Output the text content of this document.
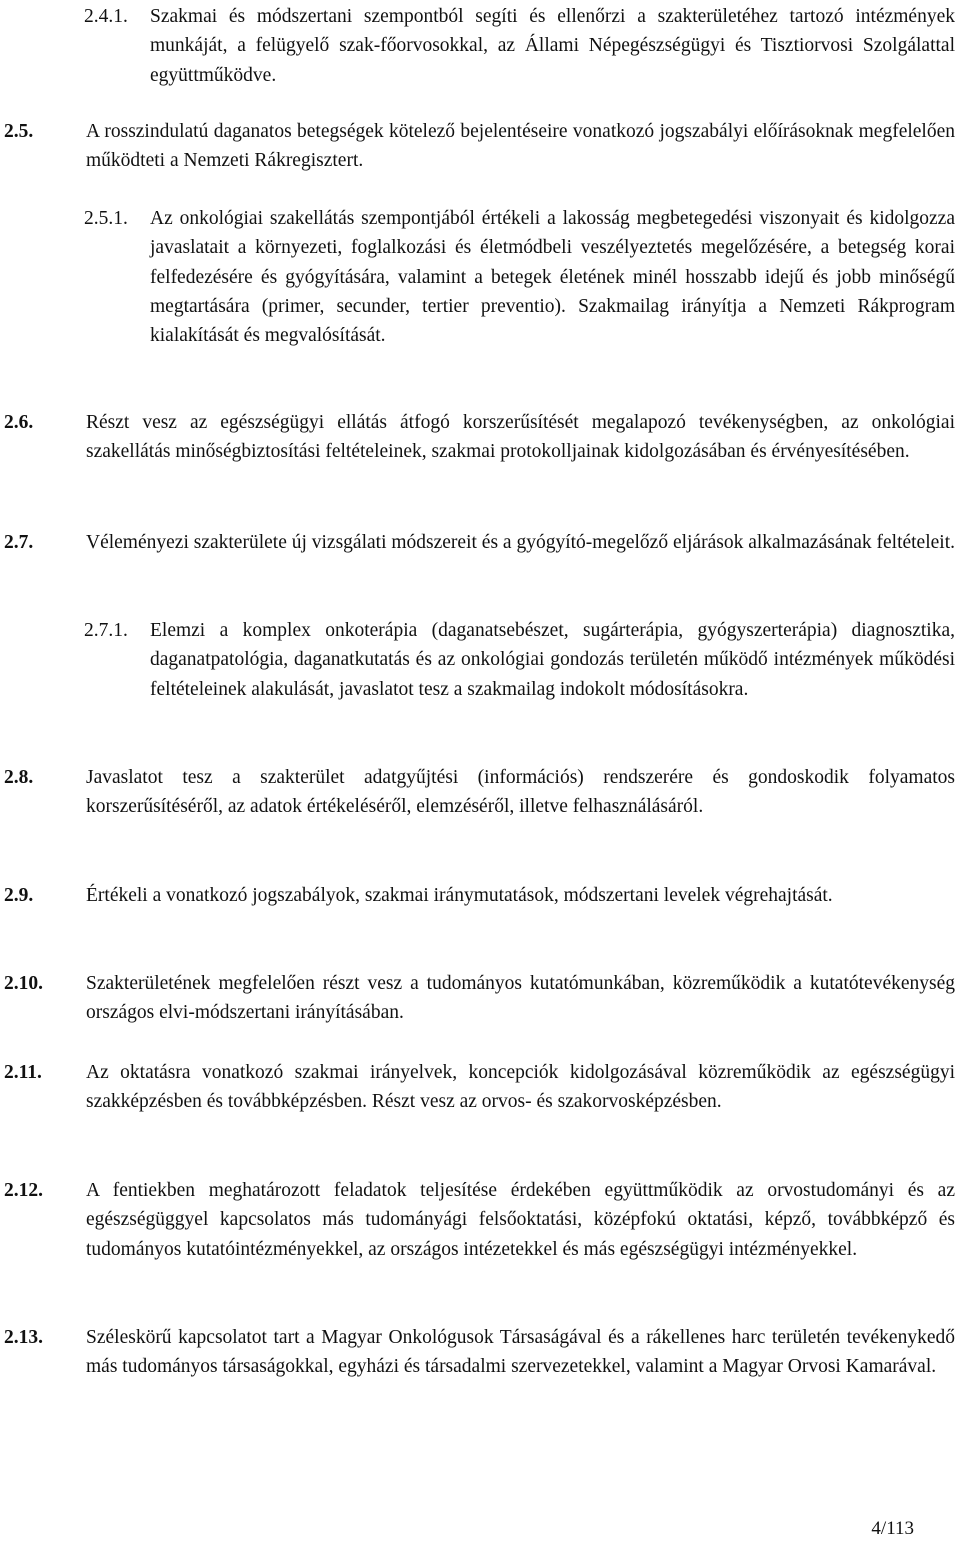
2.4.1.	Szakmai és módszertani szempontból segíti és ellenőrzi a szakterületéhez tartozó intézmények munkáját, a felügyelő szak-főorvosokkal, az Állami Népegészségügyi és Tisztiorvosi Szolgálattal együttműködve.
2.5.	A rosszindulatú daganatos betegségek kötelező bejelentéseire vonatkozó jogszabályi előírásoknak megfelelően működteti a Nemzeti Rákregisztert.
2.5.1.	Az onkológiai szakellátás szempontjából értékeli a lakosság megbetegedési viszonyait és kidolgozza javaslatait a környezeti, foglalkozási és életmódbeli veszélyeztetés megelőzésére, a betegség korai felfedezésére és gyógyítására, valamint a betegek életének minél hosszabb idejű és jobb minőségű megtartására (primer, secunder, tertier preventio). Szakmailag irányítja a Nemzeti Rákprogram kialakítását és megvalósítását.
2.6.	Részt vesz az egészségügyi ellátás átfogó korszerűsítését megalapozó tevékenységben, az onkológiai szakellátás minőségbiztosítási feltételeinek, szakmai protokolljainak kidolgozásában és érvényesítésében.
2.7.	Véleményezi szakterülete új vizsgálati módszereit és a gyógyító-megelőző eljárások alkalmazásának feltételeit.
2.7.1.	Elemzi a komplex onkoterápia (daganatsebészet, sugárterápia, gyógyszerterápia) diagnosztika, daganatpatológia, daganatkutatás és az onkológiai gondozás területén működő intézmények működési feltételeinek alakulását, javaslatot tesz a szakmailag indokolt módosításokra.
2.8.	Javaslatot tesz a szakterület adatgyűjtési (információs) rendszerére és gondoskodik folyamatos korszerűsítéséről, az adatok értékeléséről, elemzéséről, illetve felhasználásáról.
2.9.	Értékeli a vonatkozó jogszabályok, szakmai iránymutatások, módszertani levelek végrehajtását.
2.10.	Szakterületének megfelelően részt vesz a tudományos kutatómunkában, közreműködik a kutatótevékenység országos elvi-módszertani irányításában.
2.11.	Az oktatásra vonatkozó szakmai irányelvek, koncepciók kidolgozásával közreműködik az egészségügyi szakképzésben és továbbképzésben. Részt vesz az orvos- és szakorvosképzésben.
2.12.	A fentiekben meghatározott feladatok teljesítése érdekében együttműködik az orvostudományi és az egészségüggyel kapcsolatos más tudományági felsőoktatási, középfokú oktatási, képző, továbbképző és tudományos kutatóintézményekkel, az országos intézetekkel és más egészségügyi intézményekkel.
2.13.	Széleskörű kapcsolatot tart a Magyar Onkológusok Társaságával és a rákellenes harc területén tevékenykedő más tudományos társaságokkal, egyházi és társadalmi szervezetekkel, valamint a Magyar Orvosi Kamarával.
4/113
